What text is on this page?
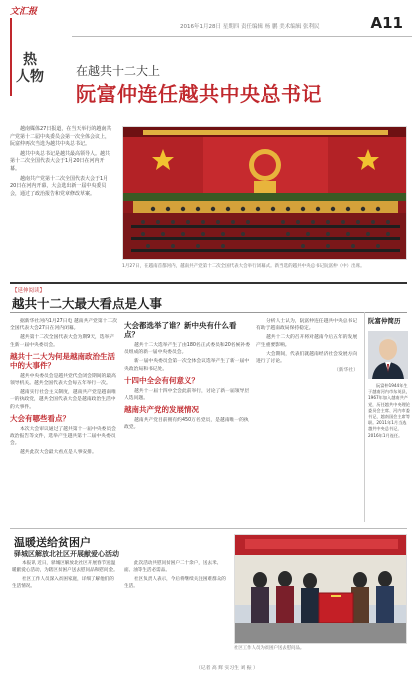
文汇报
热
人物
2016年1月28日 星期四 责任编辑 杨 鹏 美术编辑 张利民	A11
在越共十二大上
阮富仲连任越共中央总书记

越南媒体27日报道，在当天举行的越南共产党第十二届中央委员会第一次全体会议上，阮富仲再次当选为越共中央总书记。

越共中央总书记是越共最高领导人。越共第十二次全国代表大会于1月20日在河内开幕。

越南共产党第十二次全国代表大会于1月20日在河内开幕，大会选出新一届中央委员会，通过了政治报告和党章修改草案。

1月27日，在越南首都河内，越南共产党第十二次全国代表大会举行闭幕式。新当选的越共中央总书记阮富仲（中）出席。
【延伸阅读】
越共十二大最大看点是人事

据新华社河内1月27日电 越南共产党第十二次全国代表大会27日在河内闭幕。

越共第十二次全国代表大会为期9天，选举产生新一届中央委员会。

越共十二大为何是越南政治生活中的大事件？

越共中央委员会是越共党代会闭会期间的最高领导机关。越共全国代表大会每五年举行一次。

越南实行社会主义制度，越南共产党是越南唯一的执政党，越共全国代表大会是越南政治生活中的大事件。

大会有哪些看点？

本次大会审议通过了越共第十一届中央委员会政治报告等文件，选举产生越共第十二届中央委员会。

越共此次大会最大看点是人事安排。

大会都选举了谁？新中央有什么看点？

越共十二大选举产生了由180名正式委员和20名候补委员组成的新一届中央委员会。

新一届中央委员会第一次全体会议选举产生了新一届中央政治局和书记处。

十四中全会有何意义？

越共十一届十四中全会此前举行，讨论了新一届领导层人选问题。

越南共产党的发展情况

越南共产党目前拥有约450万名党员，是越南唯一的执政党。

分析人士认为，阮富仲连任越共中央总书记有助于越南政局保持稳定。

越共十二大的召开将对越南今后五年的发展产生重要影响。

大会期间，代表们就越南经济社会发展方向进行了讨论。

（新华社）
阮富仲简历
阮富仲1944年生于越南河内市东英县，1967年加入越南共产党，历任越共中央理论委员会主席、河内市委书记、越南国会主席等职。2011年1月当选越共中央总书记，2016年1月连任。
温暖送给贫困户
驿城区解放北社区开展献爱心活动

本报讯 近日，驿城区解放北社区开展春节送温暖献爱心活动，为辖区贫困户送去慰问品和慰问金。

社区工作人员深入贫困家庭，详细了解他们的生活情况。

此次活动共慰问贫困户二十余户，送去米、面、油等生活必需品。

社区负责人表示，今后将继续关注困难群众的生活。

社区工作人员为贫困户送去慰问品。
（记者 高 辉 实习生 刘 振 ）
